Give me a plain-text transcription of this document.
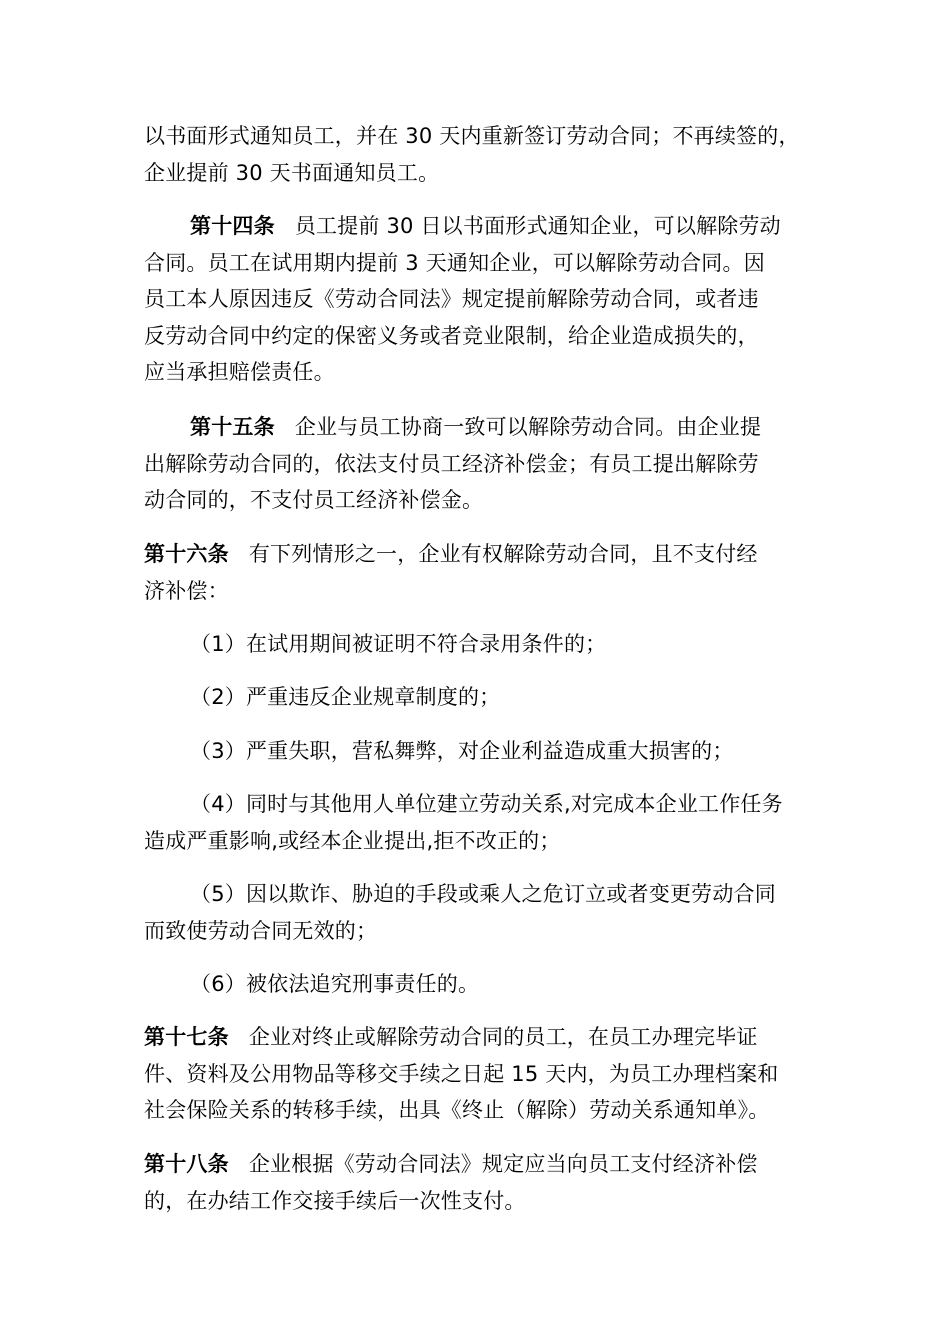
以书面形式通知员工，并在 30 天内重新签订劳动合同；不再续签的，
企业提前 30 天书面通知员工。

第十四条 员工提前 30 日以书面形式通知企业，可以解除劳动
合同。员工在试用期内提前 3 天通知企业，可以解除劳动合同。因
员工本人原因违反《劳动合同法》规定提前解除劳动合同，或者违
反劳动合同中约定的保密义务或者竞业限制，给企业造成损失的，
应当承担赔偿责任。

第十五条 企业与员工协商一致可以解除劳动合同。由企业提
出解除劳动合同的，依法支付员工经济补偿金；有员工提出解除劳
动合同的，不支付员工经济补偿金。

第十六条 有下列情形之一，企业有权解除劳动合同，且不支付经
济补偿：

（1）在试用期间被证明不符合录用条件的；

（2）严重违反企业规章制度的；

（3）严重失职，营私舞弊，对企业利益造成重大损害的；

（4）同时与其他用人单位建立劳动关系,对完成本企业工作任务
造成严重影响,或经本企业提出,拒不改正的；

（5）因以欺诈、胁迫的手段或乘人之危订立或者变更劳动合同
而致使劳动合同无效的；

（6）被依法追究刑事责任的。

第十七条 企业对终止或解除劳动合同的员工，在员工办理完毕证
件、资料及公用物品等移交手续之日起 15 天内，为员工办理档案和
社会保险关系的转移手续，出具《终止（解除）劳动关系通知单》。

第十八条 企业根据《劳动合同法》规定应当向员工支付经济补偿
的，在办结工作交接手续后一次性支付。
